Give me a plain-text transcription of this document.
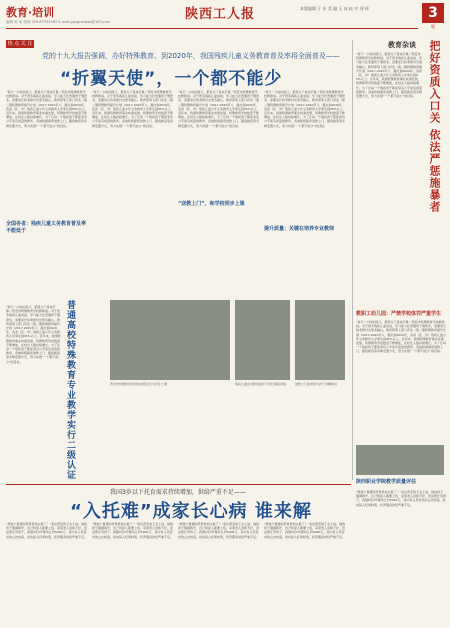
教育·培训	陕西工人报	本版编辑 于 东 美 编 王 冰 校 对 刘 伟	3
版
编辑 郭 荣 电话 029-87331562 E-mail:gongrenbao@163.com
热 点 关 注
党的十九大报告强调，办好特殊教育。到2020年，我国残疾儿童义务教育普及率将全面普及——
“折翼天使”，一个都不能少
“每天一小时的练习，都是为了将来打算。”西安市特殊教育学校教师说。对于很多残疾儿童来说，学习能力比普通孩子慢很多，需要家长和老师付出更多耐心。教育部等七部门印发《第二期特殊教育提升计划（2017-2020年）》，提出到2020年，各省（区、市）残疾儿童少年义务教育入学率达到95%以上。近年来，我国特殊教育事业快速发展，特殊教育学校数量不断增加，在校生人数持续增长。为了让每一个残疾孩子都能享有公平而有质量的教育，各地积极探索送教上门、随班就读等多种安置方式，努力实现“一个都不能少”的目标。
“每天一小时的练习，都是为了将来打算。”西安市特殊教育学校教师说。对于很多残疾儿童来说，学习能力比普通孩子慢很多，需要家长和老师付出更多耐心。教育部等七部门印发《第二期特殊教育提升计划（2017-2020年）》，提出到2020年，各省（区、市）残疾儿童少年义务教育入学率达到95%以上。近年来，我国特殊教育事业快速发展，特殊教育学校数量不断增加，在校生人数持续增长。为了让每一个残疾孩子都能享有公平而有质量的教育，各地积极探索送教上门、随班就读等多种安置方式，努力实现“一个都不能少”的目标。
“每天一小时的练习，都是为了将来打算。”西安市特殊教育学校教师说。对于很多残疾儿童来说，学习能力比普通孩子慢很多，需要家长和老师付出更多耐心。教育部等七部门印发《第二期特殊教育提升计划（2017-2020年）》，提出到2020年，各省（区、市）残疾儿童少年义务教育入学率达到95%以上。近年来，我国特殊教育事业快速发展，特殊教育学校数量不断增加，在校生人数持续增长。为了让每一个残疾孩子都能享有公平而有质量的教育，各地积极探索送教上门、随班就读等多种安置方式，努力实现“一个都不能少”的目标。
“每天一小时的练习，都是为了将来打算。”西安市特殊教育学校教师说。对于很多残疾儿童来说，学习能力比普通孩子慢很多，需要家长和老师付出更多耐心。教育部等七部门印发《第二期特殊教育提升计划（2017-2020年）》，提出到2020年，各省（区、市）残疾儿童少年义务教育入学率达到95%以上。近年来，我国特殊教育事业快速发展，特殊教育学校数量不断增加，在校生人数持续增长。为了让每一个残疾孩子都能享有公平而有质量的教育，各地积极探索送教上门、随班就读等多种安置方式，努力实现“一个都不能少”的目标。
全国各省：残疾儿童义务教育普及率不能低于
“送教上门”，和学校同步上课
提升质量：关键在培养专业教师
西安市特殊教育学校的老师正在为学生上课	残疾儿童在老师的指导下进行康复训练	送教上门的老师为孩子讲解知识
普通高校特殊教育专业教学实行二级认证
“每天一小时的练习，都是为了将来打算。”西安市特殊教育学校教师说。对于很多残疾儿童来说，学习能力比普通孩子慢很多，需要家长和老师付出更多耐心。教育部等七部门印发《第二期特殊教育提升计划（2017-2020年）》，提出到2020年，各省（区、市）残疾儿童少年义务教育入学率达到95%以上。近年来，我国特殊教育事业快速发展，特殊教育学校数量不断增加，在校生人数持续增长。为了让每一个残疾孩子都能享有公平而有质量的教育，各地积极探索送教上门、随班就读等多种安置方式，努力实现“一个都不能少”的目标。
教育杂谈 把好资质入口关 依法严惩施暴者
“每天一小时的练习，都是为了将来打算。”西安市特殊教育学校教师说。对于很多残疾儿童来说，学习能力比普通孩子慢很多，需要家长和老师付出更多耐心。教育部等七部门印发《第二期特殊教育提升计划（2017-2020年）》，提出到2020年，各省（区、市）残疾儿童少年义务教育入学率达到95%以上。近年来，我国特殊教育事业快速发展，特殊教育学校数量不断增加，在校生人数持续增长。为了让每一个残疾孩子都能享有公平而有质量的教育，各地积极探索送教上门、随班就读等多种安置方式，努力实现“一个都不能少”的目标。
教职工幼儿园：严禁学校体罚严重学生
“每天一小时的练习，都是为了将来打算。”西安市特殊教育学校教师说。对于很多残疾儿童来说，学习能力比普通孩子慢很多，需要家长和老师付出更多耐心。教育部等七部门印发《第二期特殊教育提升计划（2017-2020年）》，提出到2020年，各省（区、市）残疾儿童少年义务教育入学率达到95%以上。近年来，我国特殊教育事业快速发展，特殊教育学校数量不断增加，在校生人数持续增长。为了让每一个残疾孩子都能享有公平而有质量的教育，各地积极探索送教上门、随班就读等多种安置方式，努力实现“一个都不能少”的目标。
陕西职业学院教学质量评估
我国3岁以下托育需求持续增加，供给严重不足——
“入托难”成家长心病 谁来解
“想找个靠谱的托育机构太难了！”家住西安的王女士说。她的孩子刚满两岁，自己和爱人都要上班，家里老人身体不好，没法帮忙带孩子。我国0至3岁婴幼儿约5000万，其中有入托需求的占比较高，但实际入托率较低，托育服务供给严重不足。
“想找个靠谱的托育机构太难了！”家住西安的王女士说。她的孩子刚满两岁，自己和爱人都要上班，家里老人身体不好，没法帮忙带孩子。我国0至3岁婴幼儿约5000万，其中有入托需求的占比较高，但实际入托率较低，托育服务供给严重不足。
“想找个靠谱的托育机构太难了！”家住西安的王女士说。她的孩子刚满两岁，自己和爱人都要上班，家里老人身体不好，没法帮忙带孩子。我国0至3岁婴幼儿约5000万，其中有入托需求的占比较高，但实际入托率较低，托育服务供给严重不足。
“想找个靠谱的托育机构太难了！”家住西安的王女士说。她的孩子刚满两岁，自己和爱人都要上班，家里老人身体不好，没法帮忙带孩子。我国0至3岁婴幼儿约5000万，其中有入托需求的占比较高，但实际入托率较低，托育服务供给严重不足。
“想找个靠谱的托育机构太难了！”家住西安的王女士说。她的孩子刚满两岁，自己和爱人都要上班，家里老人身体不好，没法帮忙带孩子。我国0至3岁婴幼儿约5000万，其中有入托需求的占比较高，但实际入托率较低，托育服务供给严重不足。
